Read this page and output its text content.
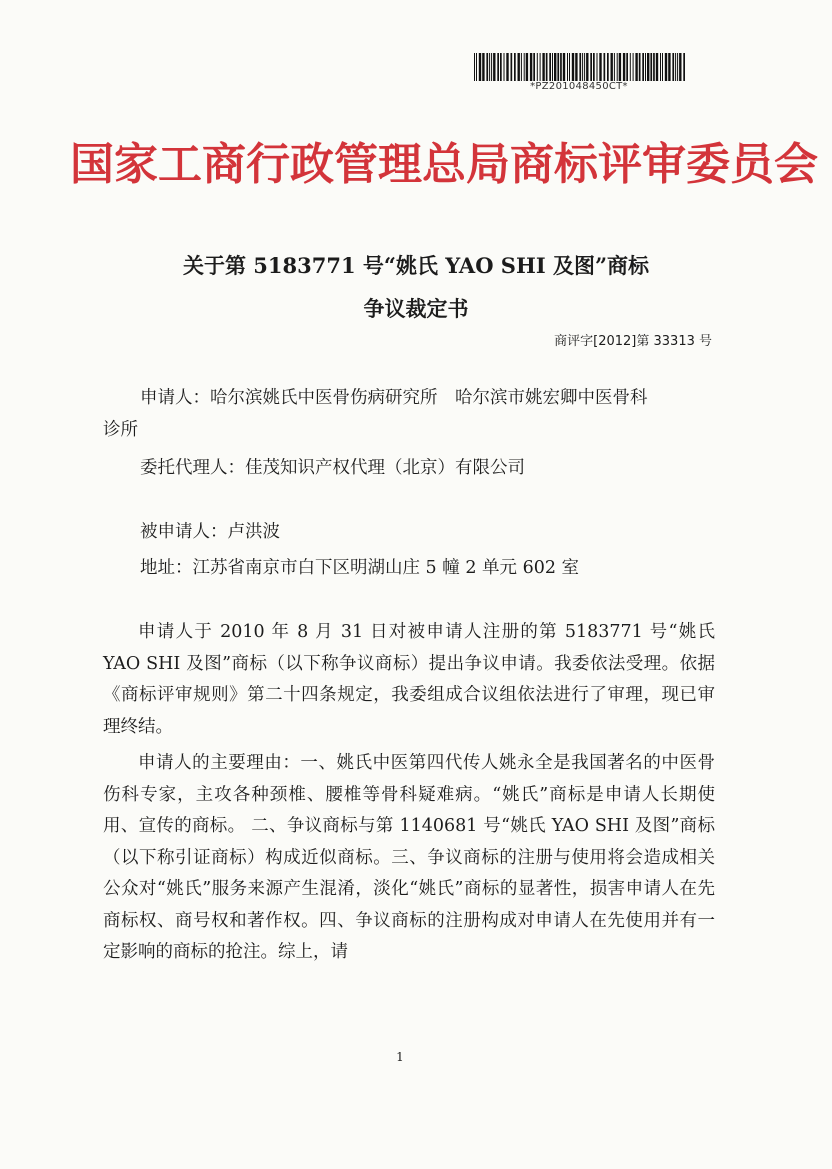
*PZ201048450CT*
国家工商行政管理总局商标评审委员会
关于第 5183771 号“姚氏 YAO SHI 及图”商标
争议裁定书
商评字[2012]第 33313 号
申请人：哈尔滨姚氏中医骨伤病研究所　哈尔滨市姚宏卿中医骨科
诊所
委托代理人：佳茂知识产权代理（北京）有限公司
被申请人：卢洪波
地址：江苏省南京市白下区明湖山庄 5 幢 2 单元 602 室
申请人于 2010 年 8 月 31 日对被申请人注册的第 5183771 号“姚氏 YAO SHI 及图”商标（以下称争议商标）提出争议申请。我委依法受理。依据《商标评审规则》第二十四条规定，我委组成合议组依法进行了审理，现已审理终结。
申请人的主要理由：一、姚氏中医第四代传人姚永全是我国著名的中医骨伤科专家，主攻各种颈椎、腰椎等骨科疑难病。“姚氏”商标是申请人长期使用、宣传的商标。 二、争议商标与第 1140681 号“姚氏 YAO SHI 及图”商标（以下称引证商标）构成近似商标。三、争议商标的注册与使用将会造成相关公众对“姚氏”服务来源产生混淆，淡化“姚氏”商标的显著性，损害申请人在先商标权、商号权和著作权。四、争议商标的注册构成对申请人在先使用并有一定影响的商标的抢注。综上，请
1
